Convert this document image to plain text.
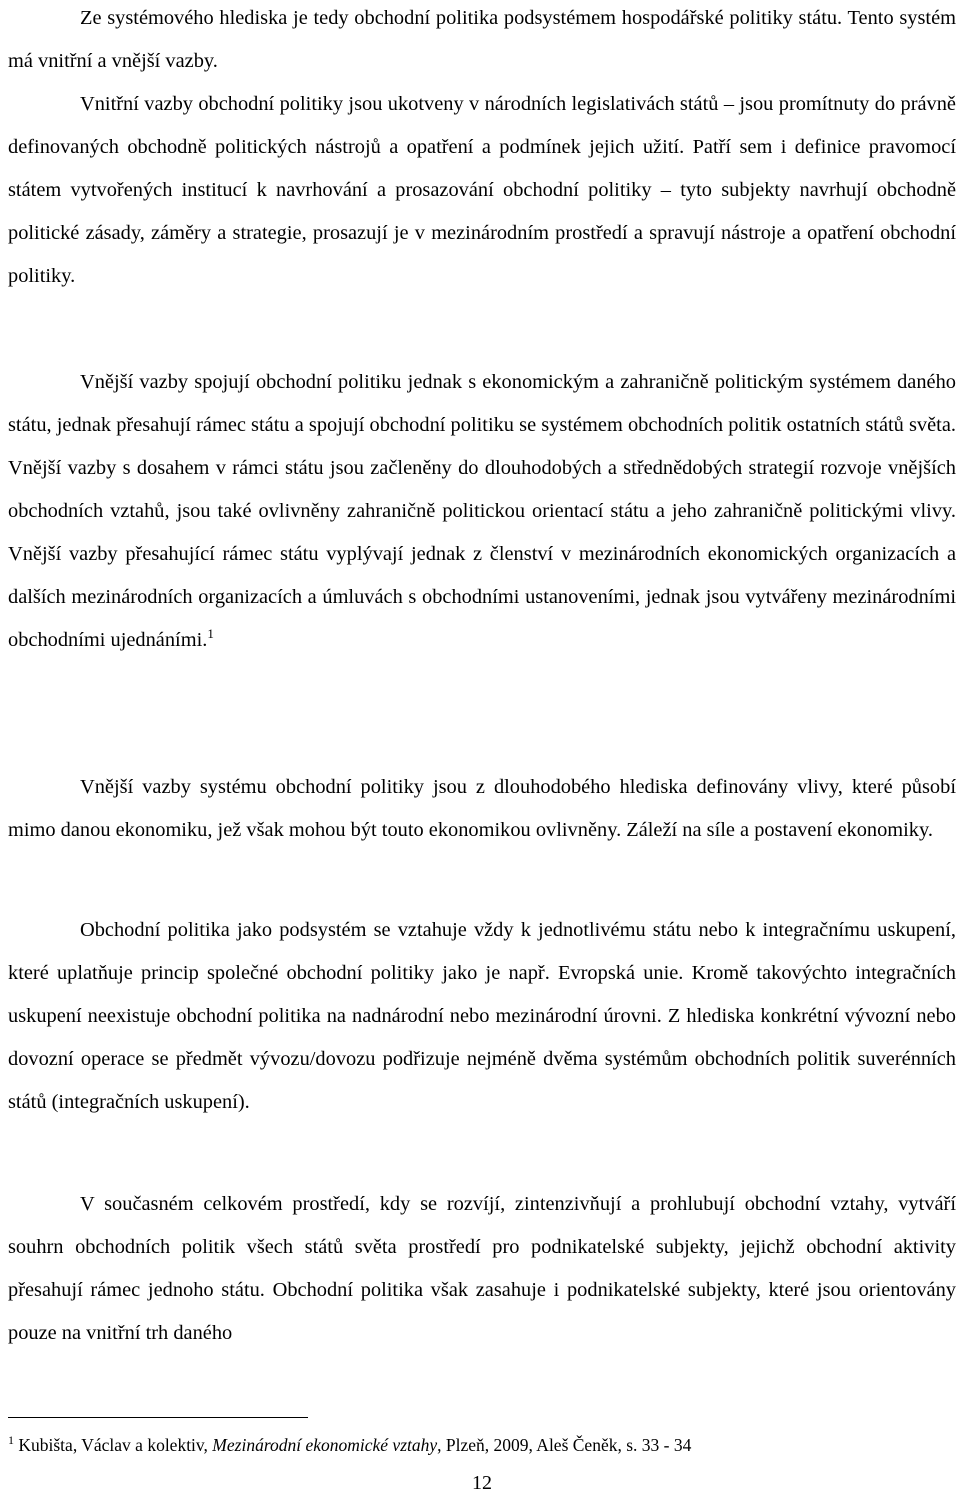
Ze systémového hlediska je tedy obchodní politika podsystémem hospodářské politiky státu. Tento systém má vnitřní a vnější vazby.

Vnitřní vazby obchodní politiky jsou ukotveny v národních legislativách států – jsou promítnuty do právně definovaných obchodně politických nástrojů a opatření a podmínek jejich užití. Patří sem i definice pravomocí státem vytvořených institucí k navrhování a prosazování obchodní politiky – tyto subjekty navrhují obchodně politické zásady, záměry a strategie, prosazují je v mezinárodním prostředí a spravují nástroje a opatření obchodní politiky.

Vnější vazby spojují obchodní politiku jednak s ekonomickým a zahraničně politickým systémem daného státu, jednak přesahují rámec státu a spojují obchodní politiku se systémem obchodních politik ostatních států světa. Vnější vazby s dosahem v rámci státu jsou začleněny do dlouhodobých a střednědobých strategií rozvoje vnějších obchodních vztahů, jsou také ovlivněny zahraničně politickou orientací státu a jeho zahraničně politickými vlivy. Vnější vazby přesahující rámec státu vyplývají jednak z členství v mezinárodních ekonomických organizacích a dalších mezinárodních organizacích a úmluvách s obchodními ustanoveními, jednak jsou vytvářeny mezinárodními obchodními ujednáními.$^1$

Vnější vazby systému obchodní politiky jsou z dlouhodobého hlediska definovány vlivy, které působí mimo danou ekonomiku, jež však mohou být touto ekonomikou ovlivněny. Záleží na síle a postavení ekonomiky.

Obchodní politika jako podsystém se vztahuje vždy k jednotlivému státu nebo k integračnímu uskupení, které uplatňuje princip společné obchodní politiky jako je např. Evropská unie. Kromě takovýchto integračních uskupení neexistuje obchodní politika na nadnárodní nebo mezinárodní úrovni. Z hlediska konkrétní vývozní nebo dovozní operace se předmět vývozu/dovozu podřizuje nejméně dvěma systémům obchodních politik suverénních států (integračních uskupení).

V současném celkovém prostředí, kdy se rozvíjí, zintenzivňují a prohlubují obchodní vztahy, vytváří souhrn obchodních politik všech států světa prostředí pro podnikatelské subjekty, jejichž obchodní aktivity přesahují rámec jednoho státu. Obchodní politika však zasahuje i podnikatelské subjekty, které jsou orientovány pouze na vnitřní trh daného

$^1$ Kubišta, Václav a kolektiv, Mezinárodní ekonomické vztahy, Plzeň, 2009, Aleš Čeněk, s. 33 - 34

12
